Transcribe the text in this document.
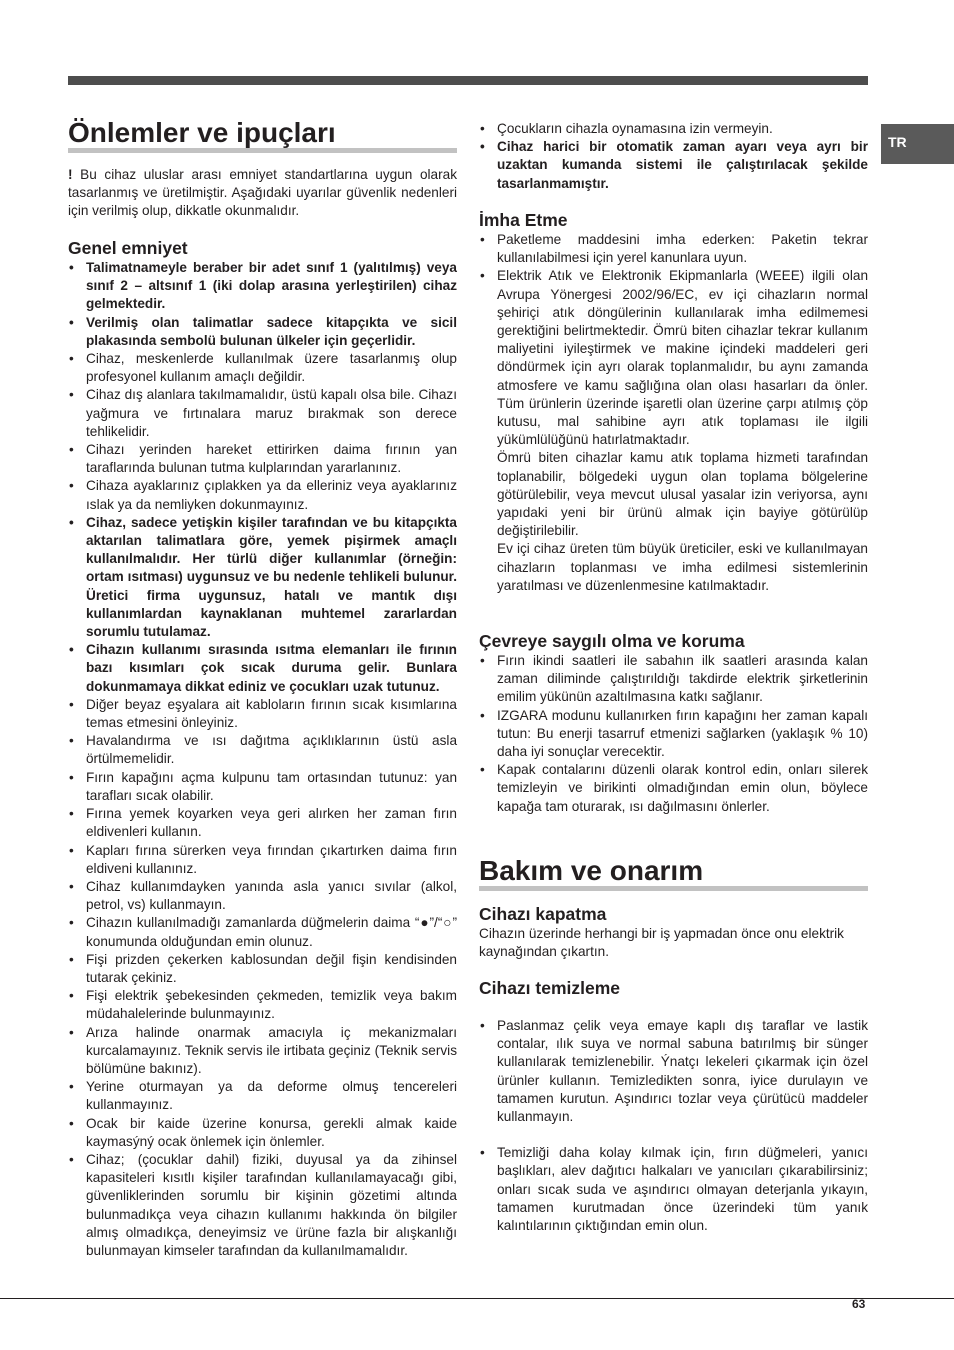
TR
Önlemler ve ipuçları

! Bu cihaz uluslar arası emniyet standartlarına uygun olarak tasarlanmış ve üretilmiştir. Aşağıdaki uyarılar güvenlik nedenleri için verilmiş olup, dikkatle okunmalıdır.

Genel emniyet
• Talimatnameyle beraber bir adet sınıf 1 (yalıtılmış) veya sınıf 2 – altsınıf 1 (iki dolap arasına yerleştirilen) cihaz gelmektedir.
• Verilmiş olan talimatlar sadece kitapçıkta ve sicil plakasında sembolü bulunan ülkeler için geçerlidir.
• Cihaz, meskenlerde kullanılmak üzere tasarlanmış olup profesyonel kullanım amaçlı değildir.
• Cihaz dış alanlara takılmamalıdır, üstü kapalı olsa bile. Cihazı yağmura ve fırtınalara maruz bırakmak son derece tehlikelidir.
• Cihazı yerinden hareket ettirirken daima fırının yan taraflarında bulunan tutma kulplarından yararlanınız.
• Cihaza ayaklarınız çıplakken ya da elleriniz veya ayaklarınız ıslak ya da nemliyken dokunmayınız.
• Cihaz, sadece yetişkin kişiler tarafından ve bu kitapçıkta aktarılan talimatlara göre, yemek pişirmek amaçlı kullanılmalıdır. Her türlü diğer kullanımlar (örneğin: ortam ısıtması) uygunsuz ve bu nedenle tehlikeli bulunur. Üretici firma uygunsuz, hatalı ve mantık dışı kullanımlardan kaynaklanan muhtemel zararlardan sorumlu tutulamaz.
• Cihazın kullanımı sırasında ısıtma elemanları ile fırının bazı kısımları çok sıcak duruma gelir. Bunlara dokunmamaya dikkat ediniz ve çocukları uzak tutunuz.
• Diğer beyaz eşyalara ait kabloların fırının sıcak kısımlarına temas etmesini önleyiniz.
• Havalandırma ve ısı dağıtma açıklıklarının üstü asla örtülmemelidir.
• Fırın kapağını açma kulpunu tam ortasından tutunuz: yan tarafları sıcak olabilir.
• Fırına yemek koyarken veya geri alırken her zaman fırın eldivenleri kullanın.
• Kapları fırına sürerken veya fırından çıkartırken daima fırın eldiveni kullanınız.
• Cihaz kullanımdayken yanında asla yanıcı sıvılar (alkol, petrol, vs) kullanmayın.
• Cihazın kullanılmadığı zamanlarda düğmelerin daima “●”/“○” konumunda olduğundan emin olunuz.
• Fişi prizden çekerken kablosundan değil fişin kendisinden tutarak çekiniz.
• Fişi elektrik şebekesinden çekmeden, temizlik veya bakım müdahalelerinde bulunmayınız.
• Arıza halinde onarmak amacıyla iç mekanizmaları kurcalamayınız. Teknik servis ile irtibata geçiniz (Teknik servis bölümüne bakınız).
• Yerine oturmayan ya da deforme olmuş tencereleri kullanmayınız.
• Ocak bir kaide üzerine konursa, gerekli almak kaide kaymasýný ocak önlemek için önlemler.
• Cihaz; (çocuklar dahil) fiziki, duyusal ya da zihinsel kapasiteleri kısıtlı kişiler tarafından kullanılamayacağı gibi, güvenliklerinden sorumlu bir kişinin gözetimi altında bulunmadıkça veya cihazın kullanımı hakkında ön bilgiler almış olmadıkça, deneyimsiz ve ürüne fazla bir alışkanlığı bulunmayan kimseler tarafından da kullanılmamalıdır.
• Çocukların cihazla oynamasına izin vermeyin.
• Cihaz harici bir otomatik zaman ayarı veya ayrı bir uzaktan kumanda sistemi ile çalıştırılacak şekilde tasarlanmamıştır.
İmha Etme
• Paketleme maddesini imha ederken: Paketin tekrar kullanılabilmesi için yerel kanunlara uyun.
• Elektrik Atık ve Elektronik Ekipmanlarla (WEEE) ilgili olan Avrupa Yönergesi 2002/96/EC, ev içi cihazların normal şehiriçi atık döngülerinin kullanılarak imha edilmemesi gerektiğini belirtmektedir. Ömrü biten cihazlar tekrar kullanım maliyetini iyileştirmek ve makine içindeki maddeleri geri döndürmek için ayrı olarak toplanmalıdır, bu aynı zamanda atmosfere ve kamu sağlığına olan olası hasarları da önler. Tüm ürünlerin üzerinde işaretli olan üzerine çarpı atılmış çöp kutusu, mal sahibine ayrı atık toplaması ile ilgili yükümlülüğünü hatırlatmaktadır.

Ömrü biten cihazlar kamu atık toplama hizmeti tarafından toplanabilir, bölgedeki uygun olan toplama bölgelerine götürülebilir, veya mevcut ulusal yasalar izin veriyorsa, aynı yapıdaki yeni bir ürünü almak için bayiye götürülüp değiştirilebilir.

Ev içi cihaz üreten tüm büyük üreticiler, eski ve kullanılmayan cihazların toplanması ve imha edilmesi sistemlerinin yaratılması ve düzenlenmesine katılmaktadır.

Çevreye saygılı olma ve koruma
• Fırın ikindi saatleri ile sabahın ilk saatleri arasında kalan zaman diliminde çalıştırıldığı takdirde elektrik şirketlerinin emilim yükünün azaltılmasına katkı sağlanır.
• IZGARA modunu kullanırken fırın kapağını her zaman kapalı tutun: Bu enerji tasarruf etmenizi sağlarken (yaklaşık % 10) daha iyi sonuçlar verecektir.
• Kapak contalarını düzenli olarak kontrol edin, onları silerek temizleyin ve birikinti olmadığından emin olun, böylece kapağa tam oturarak, ısı dağılmasını önlerler.
Bakım ve onarım
Cihazı kapatma

Cihazın üzerinde herhangi bir iş yapmadan önce onu elektrik kaynağından çıkartın.

Cihazı temizleme
• Paslanmaz çelik veya emaye kaplı dış taraflar ve lastik contalar, ılık suya ve normal sabuna batırılmış bir sünger kullanılarak temizlenebilir. Ýnatçı lekeleri çıkarmak için özel ürünler kullanın. Temizledikten sonra, iyice durulayın ve tamamen kurutun. Aşındırıcı tozlar veya çürütücü maddeler kullanmayın.
• Temizliği daha kolay kılmak için, fırın düğmeleri, yanıcı başlıkları, alev dağıtıcı halkaları ve yanıcıları çıkarabilirsiniz; onları sıcak suda ve aşındırıcı olmayan deterjanla yıkayın, tamamen kurutmadan önce üzerindeki tüm yanık kalıntılarının çıktığından emin olun.
63
